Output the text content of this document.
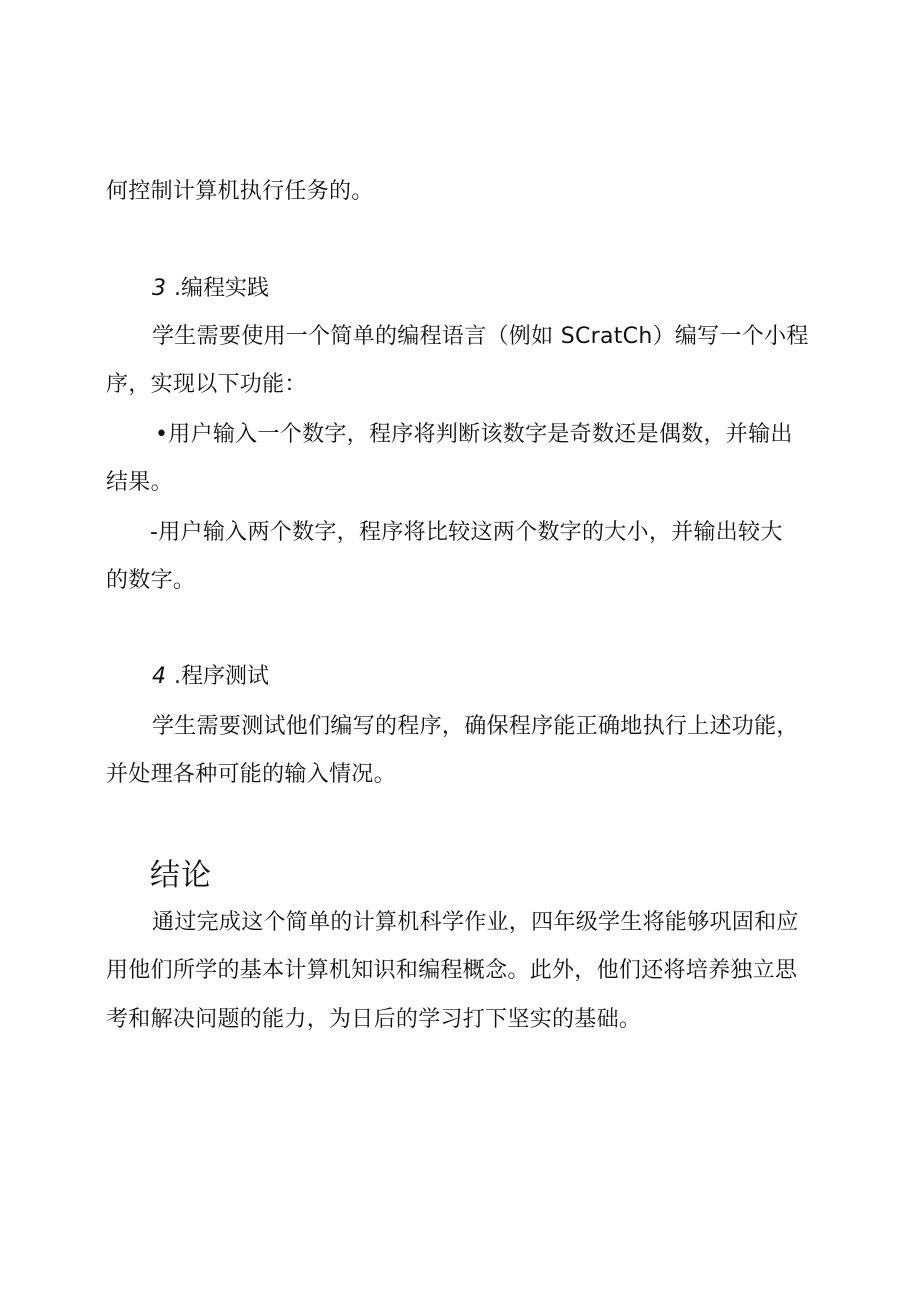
何控制计算机执行任务的。
3 .编程实践
学生需要使用一个简单的编程语言（例如 SCratCh）编写一个小程
序，实现以下功能：
•用户输入一个数字，程序将判断该数字是奇数还是偶数，并输出
结果。
-用户输入两个数字，程序将比较这两个数字的大小，并输出较大
的数字。
4 .程序测试
学生需要测试他们编写的程序，确保程序能正确地执行上述功能，
并处理各种可能的输入情况。
结论
通过完成这个简单的计算机科学作业，四年级学生将能够巩固和应
用他们所学的基本计算机知识和编程概念。此外，他们还将培养独立思
考和解决问题的能力，为日后的学习打下坚实的基础。
